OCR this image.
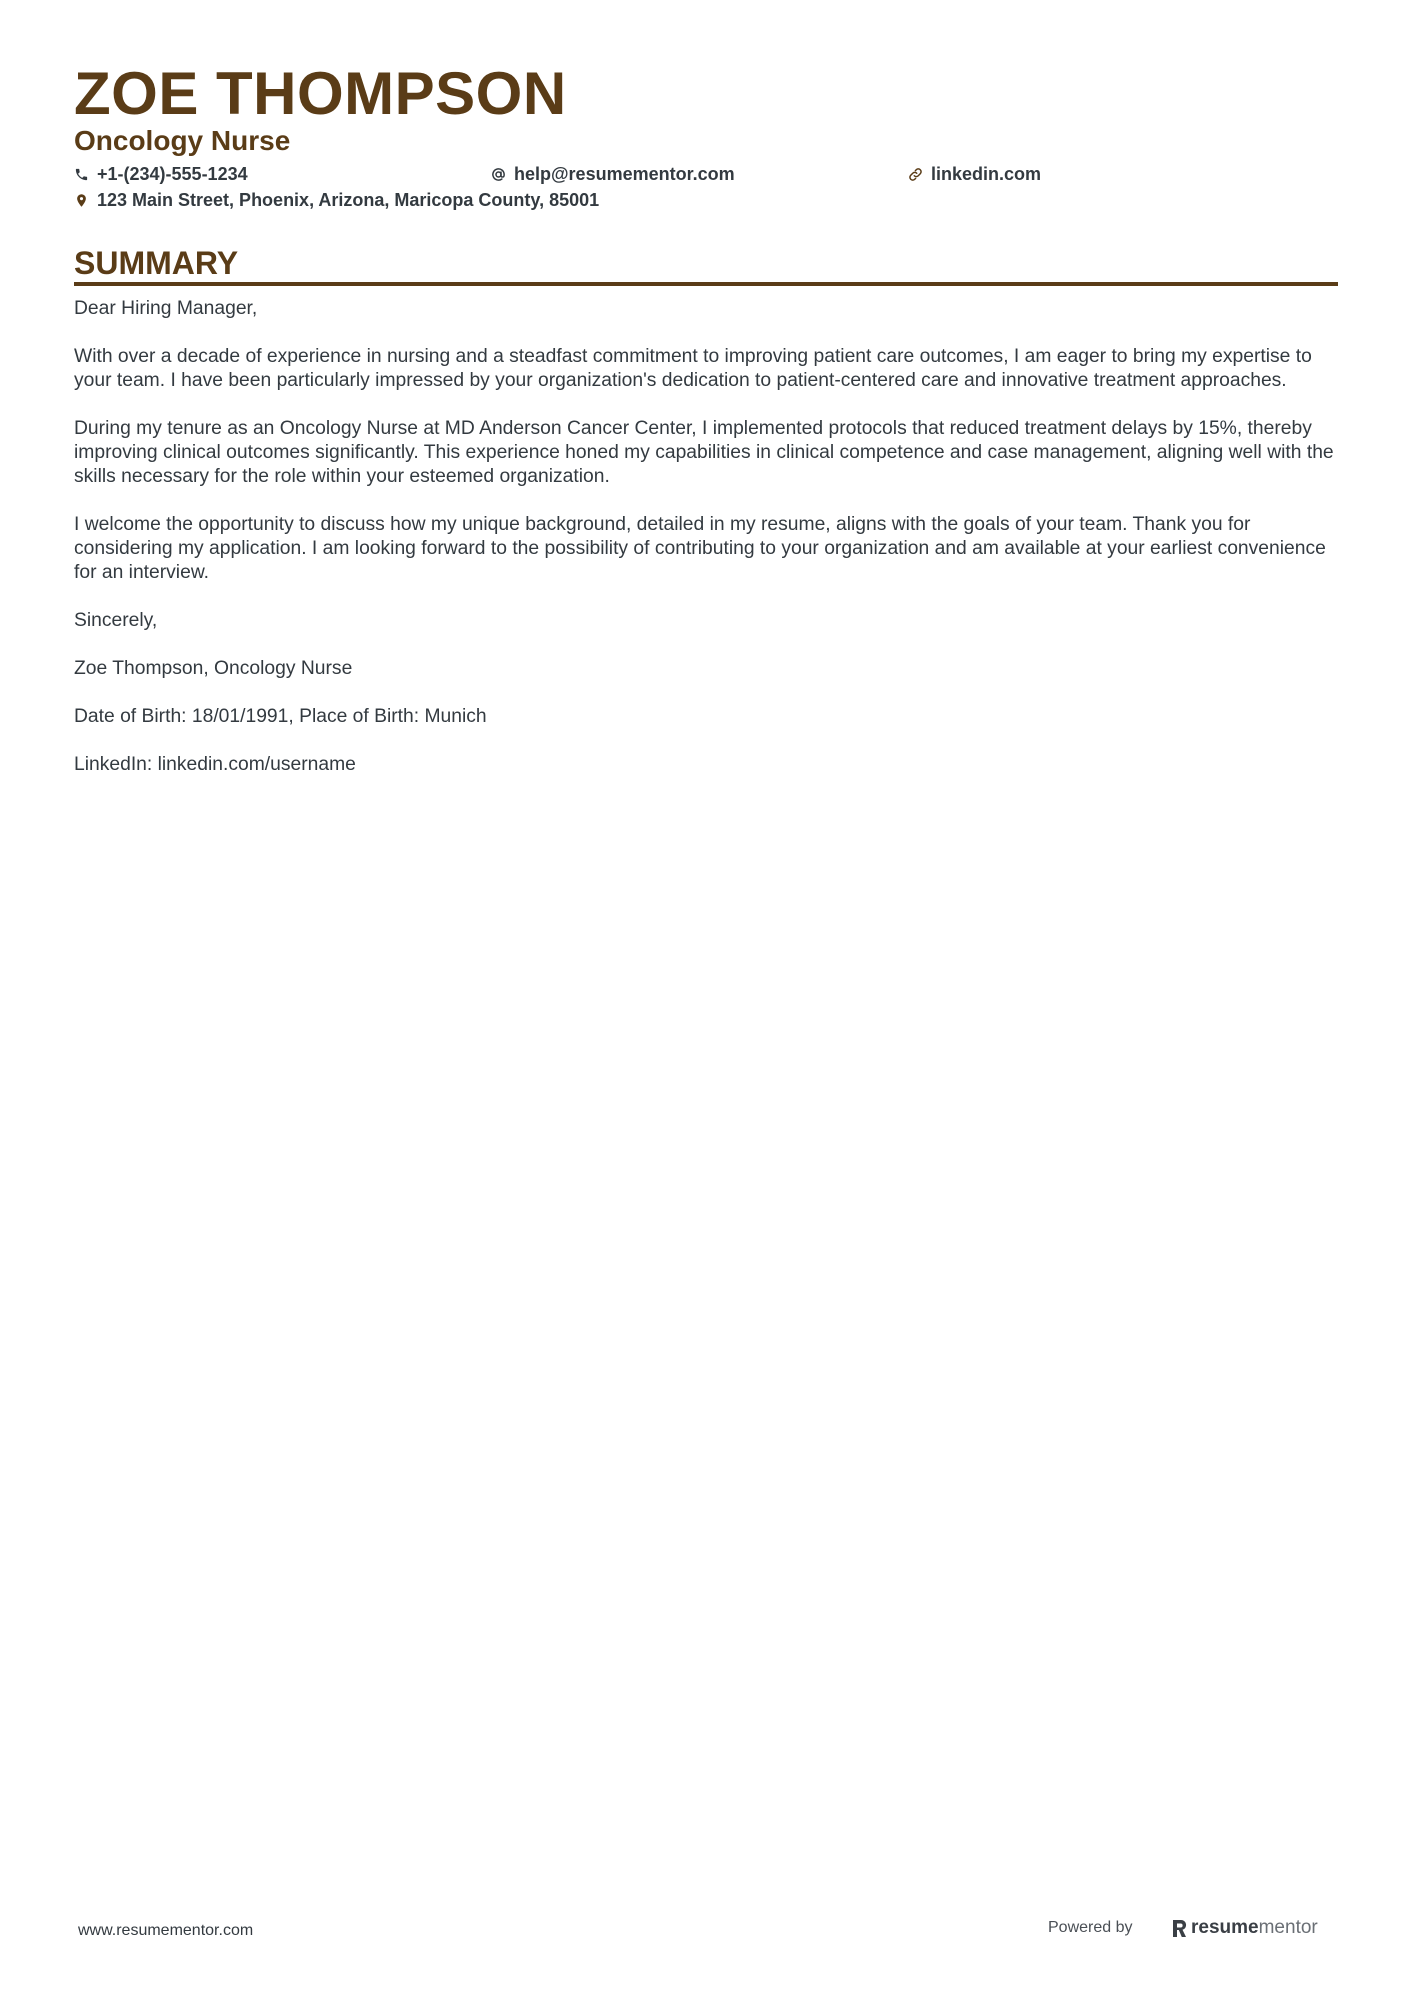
ZOE THOMPSON
Oncology Nurse
+1-(234)-555-1234	help@resumementor.com	linkedin.com
123 Main Street, Phoenix, Arizona, Maricopa County, 85001
SUMMARY

Dear Hiring Manager,

With over a decade of experience in nursing and a steadfast commitment to improving patient care outcomes, I am eager to bring my expertise to your team. I have been particularly impressed by your organization's dedication to patient-centered care and innovative treatment approaches.

During my tenure as an Oncology Nurse at MD Anderson Cancer Center, I implemented protocols that reduced treatment delays by 15%, thereby improving clinical outcomes significantly. This experience honed my capabilities in clinical competence and case management, aligning well with the skills necessary for the role within your esteemed organization.

I welcome the opportunity to discuss how my unique background, detailed in my resume, aligns with the goals of your team. Thank you for considering my application. I am looking forward to the possibility of contributing to your organization and am available at your earliest convenience for an interview.

Sincerely,

Zoe Thompson, Oncology Nurse

Date of Birth: 18/01/1991, Place of Birth: Munich

LinkedIn: linkedin.com/username

www.resumementor.com	Powered by	resume mentor
